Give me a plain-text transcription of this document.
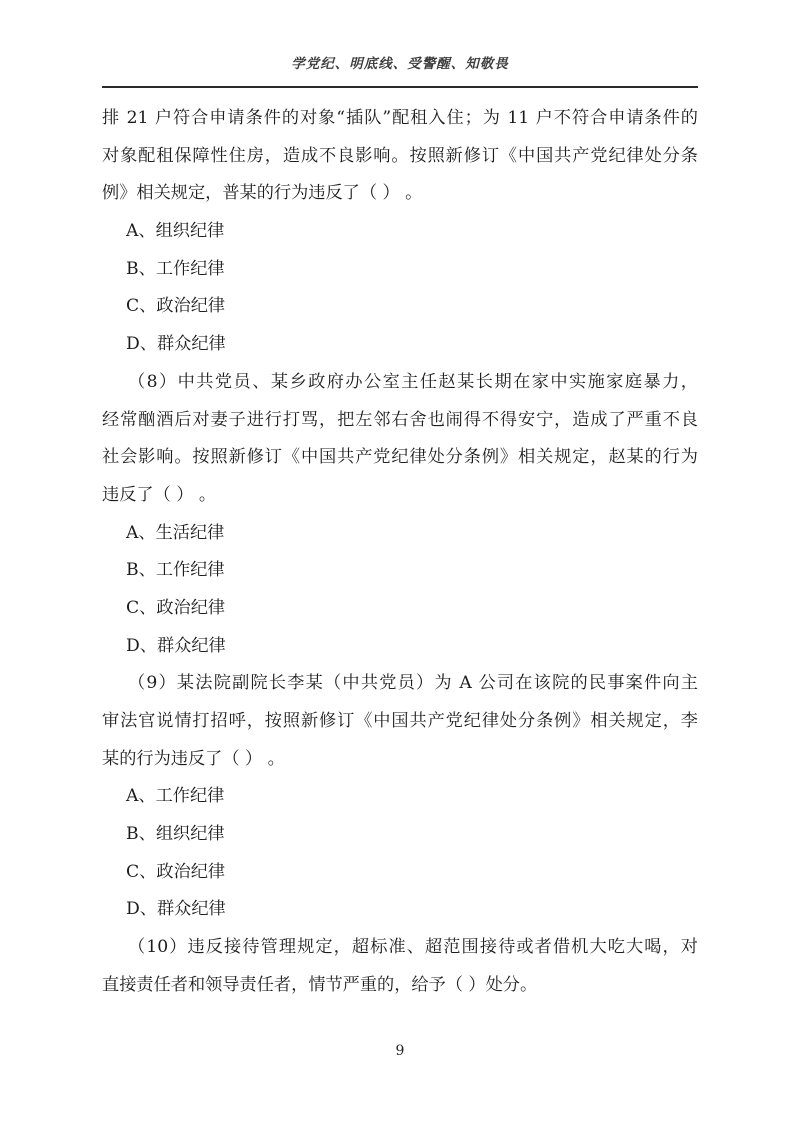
学党纪、明底线、受警醒、知敬畏
排 21 户符合申请条件的对象“插队”配租入住；为 11 户不符合申请条件的
对象配租保障性住房，造成不良影响。按照新修订《中国共产党纪律处分条
例》相关规定，普某的行为违反了（ ） 。
A、组织纪律
B、工作纪律
C、政治纪律
D、群众纪律
（8）中共党员、某乡政府办公室主任赵某长期在家中实施家庭暴力，
经常酗酒后对妻子进行打骂，把左邻右舍也闹得不得安宁，造成了严重不良
社会影响。按照新修订《中国共产党纪律处分条例》相关规定，赵某的行为
违反了（ ） 。
A、生活纪律
B、工作纪律
C、政治纪律
D、群众纪律
（9）某法院副院长李某（中共党员）为 A 公司在该院的民事案件向主
审法官说情打招呼，按照新修订《中国共产党纪律处分条例》相关规定，李
某的行为违反了（ ） 。
A、工作纪律
B、组织纪律
C、政治纪律
D、群众纪律
（10）违反接待管理规定，超标准、超范围接待或者借机大吃大喝，对
直接责任者和领导责任者，情节严重的，给予（ ）处分。
9
